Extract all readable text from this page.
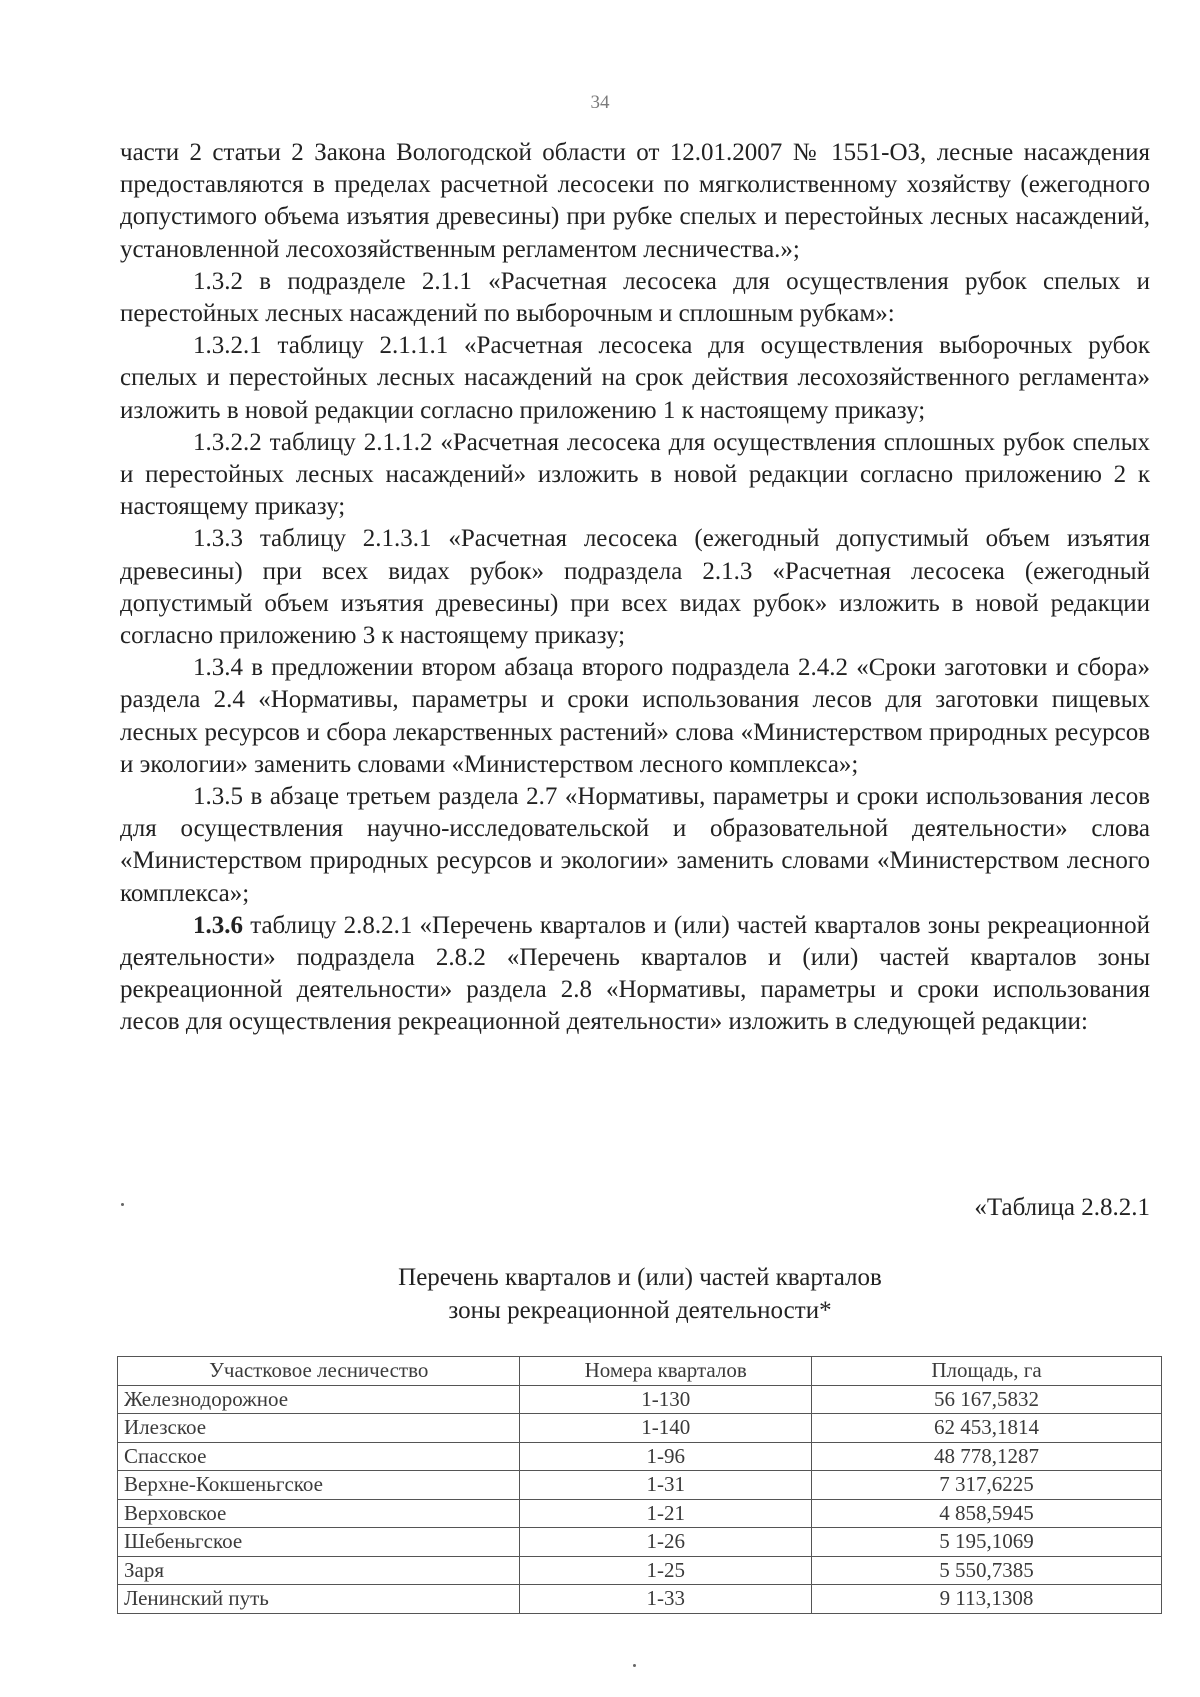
34

части 2 статьи 2 Закона Вологодской области от 12.01.2007 № 1551-ОЗ, лесные насаждения предоставляются в пределах расчетной лесосеки по мягколиственному хозяйству (ежегодного допустимого объема изъятия древесины) при рубке спелых и перестойных лесных насаждений, установленной лесохозяйственным регламентом лесничества.»;

1.3.2 в подразделе 2.1.1 «Расчетная лесосека для осуществления рубок спелых и перестойных лесных насаждений по выборочным и сплошным рубкам»:

1.3.2.1 таблицу 2.1.1.1 «Расчетная лесосека для осуществления выборочных рубок спелых и перестойных лесных насаждений на срок действия лесохозяйственного регламента» изложить в новой редакции согласно приложению 1 к настоящему приказу;

1.3.2.2 таблицу 2.1.1.2 «Расчетная лесосека для осуществления сплошных рубок спелых и перестойных лесных насаждений» изложить в новой редакции согласно приложению 2 к настоящему приказу;

1.3.3 таблицу 2.1.3.1 «Расчетная лесосека (ежегодный допустимый объем изъятия древесины) при всех видах рубок» подраздела 2.1.3 «Расчетная лесосека (ежегодный допустимый объем изъятия древесины) при всех видах рубок» изложить в новой редакции согласно приложению 3 к настоящему приказу;

1.3.4 в предложении втором абзаца второго подраздела 2.4.2 «Сроки заготовки и сбора» раздела 2.4 «Нормативы, параметры и сроки использования лесов для заготовки пищевых лесных ресурсов и сбора лекарственных растений» слова «Министерством природных ресурсов и экологии» заменить словами «Министерством лесного комплекса»;

1.3.5 в абзаце третьем раздела 2.7 «Нормативы, параметры и сроки использования лесов для осуществления научно-исследовательской и образовательной деятельности» слова «Министерством природных ресурсов и экологии» заменить словами «Министерством лесного комплекса»;

1.3.6 таблицу 2.8.2.1 «Перечень кварталов и (или) частей кварталов зоны рекреационной деятельности» подраздела 2.8.2 «Перечень кварталов и (или) частей кварталов зоны рекреационной деятельности» раздела 2.8 «Нормативы, параметры и сроки использования лесов для осуществления рекреационной деятельности» изложить в следующей редакции:

«Таблица 2.8.2.1
Перечень кварталов и (или) частей кварталов
зоны рекреационной деятельности*
Участковое лесничество	Номера кварталов	Площадь, га
Железнодорожное	1-130	56 167,5832
Илезское	1-140	62 453,1814
Спасское	1-96	48 778,1287
Верхне-Кокшеньгское	1-31	7 317,6225
Верховское	1-21	4 858,5945
Шебеньгское	1-26	5 195,1069
Заря	1-25	5 550,7385
Ленинский путь	1-33	9 113,1308
